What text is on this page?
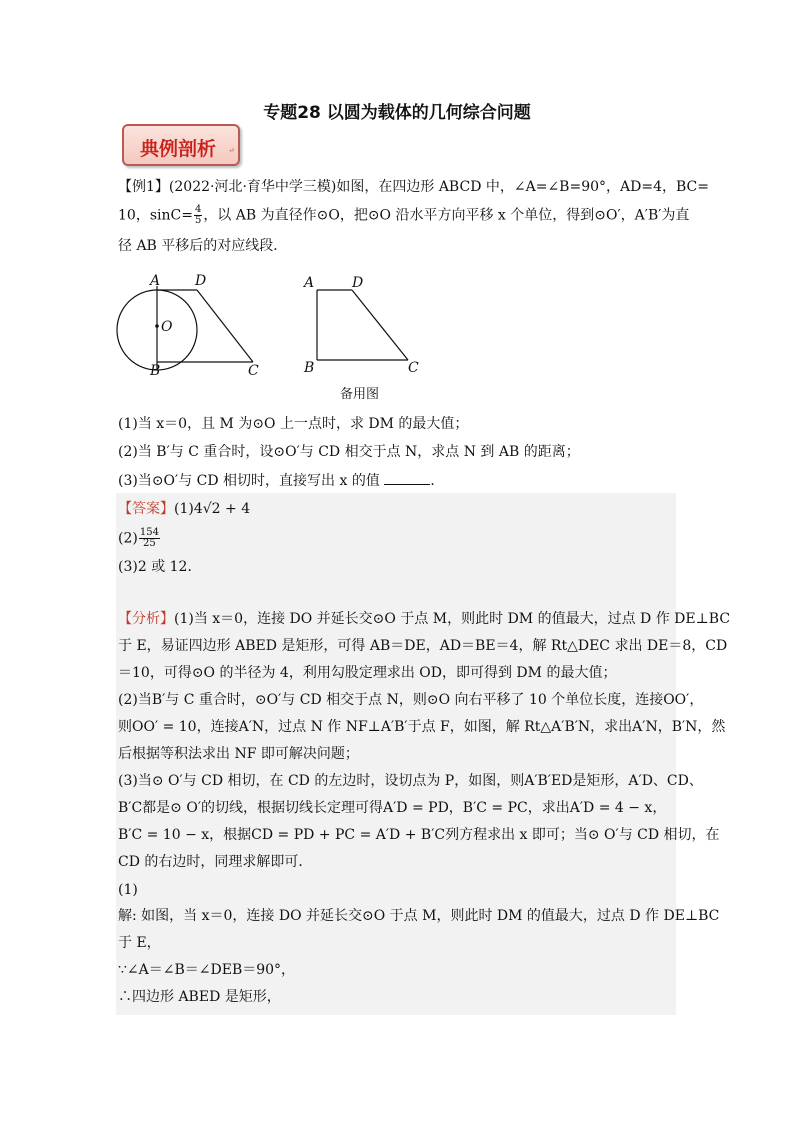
专题28 以圆为载体的几何综合问题
典例剖析 ↵
【例1】(2022·河北·育华中学三模)如图，在四边形 ABCD 中，∠A=∠B=90°，AD=4，BC=
10，$\sin C= \frac{4}{5}$ ，以 AB 为直径作⊙O，把⊙O 沿水平方向平移 x 个单位，得到⊙O′，A′B′为直
径 AB 平移后的对应线段．
A D
O
B	C
A	D
B	C
备用图
(1)当 x＝0，且 M 为⊙O 上一点时，求 DM 的最大值；
(2)当 B′与 C 重合时，设⊙O′与 CD 相交于点 N，求点 N 到 AB 的距离；
(3)当⊙O′与 CD 相切时，直接写出 x 的值	．
【答案】(1)4√2 + 4
$(2) \frac{154}{25}$
(3)2 或 12．
【分析】(1)当 x＝0，连接 DO 并延长交⊙O 于点 M，则此时 DM 的值最大，过点 D 作 DE⊥BC
于 E，易证四边形 ABED 是矩形，可得 AB＝DE，AD＝BE＝4，解 Rt△DEC 求出 DE＝8，CD
＝10，可得⊙O 的半径为 4，利用勾股定理求出 OD，即可得到 DM 的最大值；
(2)当B′与 C 重合时，⊙O′与 CD 相交于点 N，则⊙O 向右平移了 10 个单位长度，连接OO′，
则OO′ = 10，连接A′N，过点 N 作 NF⊥A′B′于点 F，如图，解 Rt△A′B′N，求出A′N，B′N，然
后根据等积法求出 NF 即可解决问题；
(3)当⊙ O′与 CD 相切，在 CD 的左边时，设切点为 P，如图，则A′B′ED是矩形，A′D、CD、
B′C都是⊙ O′的切线，根据切线长定理可得A′D = PD，B′C = PC，求出A′D = 4 − x，
B′C = 10 − x，根据CD = PD + PC = A′D + B′C列方程求出 x 即可；当⊙ O′与 CD 相切，在
CD 的右边时，同理求解即可．
(1)
解: 如图，当 x＝0，连接 DO 并延长交⊙O 于点 M，则此时 DM 的值最大，过点 D 作 DE⊥BC
于 E，
∵∠A＝∠B＝∠DEB＝90°，
∴四边形 ABED 是矩形，
